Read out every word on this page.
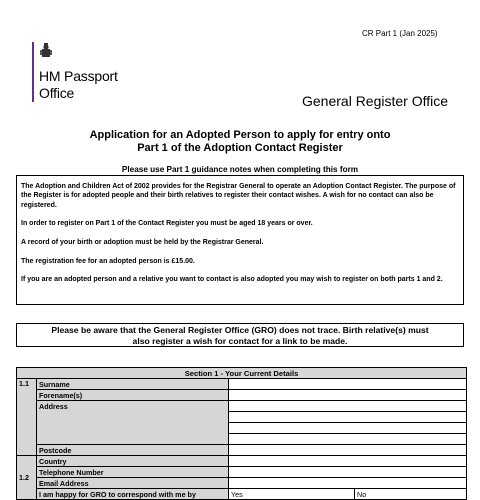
CR Part 1 (Jan 2025)
HM Passport
Office	General Register Office
Application for an Adopted Person to apply for entry onto
Part 1 of the Adoption Contact Register
Please use Part 1 guidance notes when completing this form

The Adoption and Children Act of 2002 provides for the Registrar General to operate an Adoption Contact Register. The purpose of the Register is for adopted people and their birth relatives to register their contact wishes. A wish for no contact can also be registered.

In order to register on Part 1 of the Contact Register you must be aged 18 years or over.

A record of your birth or adoption must be held by the Registrar General.

The registration fee for an adopted person is £15.00.

If you are an adopted person and a relative you want to contact is also adopted you may wish to register on both parts 1 and 2.

Please be aware that the General Register Office (GRO) does not trace. Birth relative(s) must
also register a wish for contact for a link to be made.
Section 1 - Your Current Details			
1.1	Surname		
	Forename(s)		
	Address		

	Postcode		
1.2	Country		
	Telephone Number		
	Email Address		
	I am happy for GRO to correspond with me by	Yes	No
